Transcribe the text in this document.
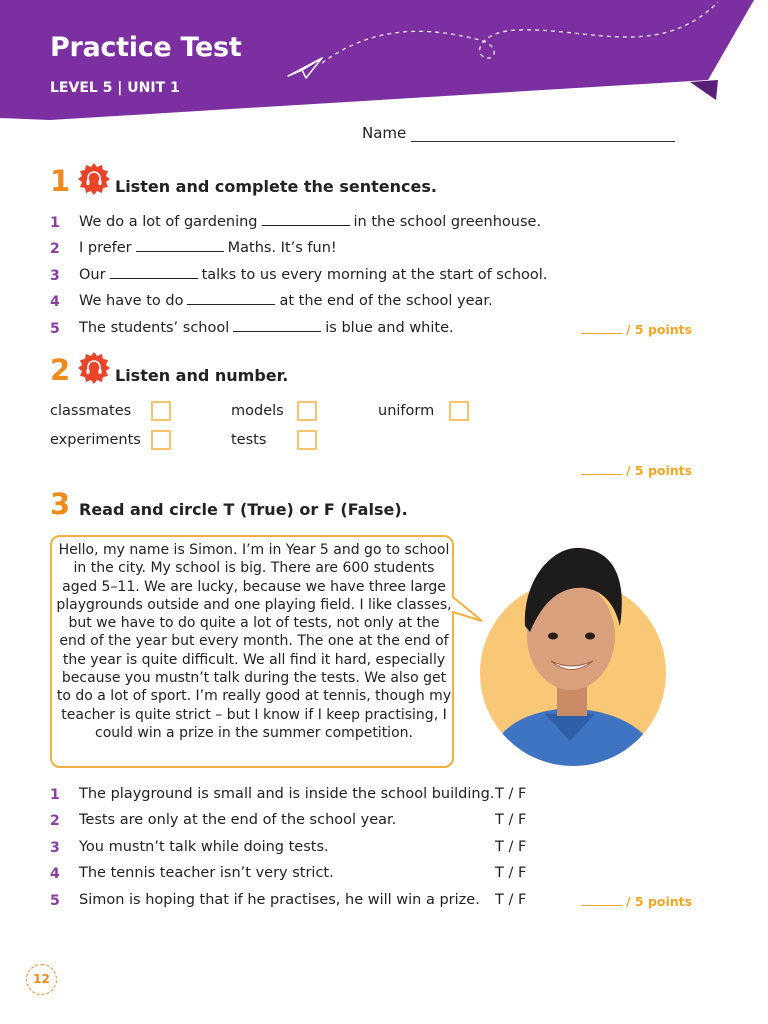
Practice Test
LEVEL 5 | UNIT 1
Name
1	Listen and complete the sentences.
1 We do a lot of gardening	in the school greenhouse.
2 I prefer	Maths. It’s fun!
3 Our	talks to us every morning at the start of school.
4 We have to do	at the end of the school year.
5 The students’ school	is blue and white.	/ 5 points
2	Listen and number.
classmates	models	uniform
experiments	tests
/ 5 points
3 Read and circle T (True) or F (False).
Hello, my name is Simon. I’m in Year 5 and go to school in the city. My school is big. There are 600 students aged 5–11. We are lucky, because we have three large playgrounds outside and one playing field. I like classes, but we have to do quite a lot of tests, not only at the end of the year but every month. The one at the end of the year is quite difficult. We all find it hard, especially because you mustn’t talk during the tests. We also get to do a lot of sport. I’m really good at tennis, though my teacher is quite strict – but I know if I keep practising, I could win a prize in the summer competition.
1 The playground is small and is inside the school building. T / F
2 Tests are only at the end of the school year.	T / F
3 You mustn’t talk while doing tests.	T / F
4 The tennis teacher isn’t very strict.	T / F
5 Simon is hoping that if he practises, he will win a prize. T / F	/ 5 points
12
